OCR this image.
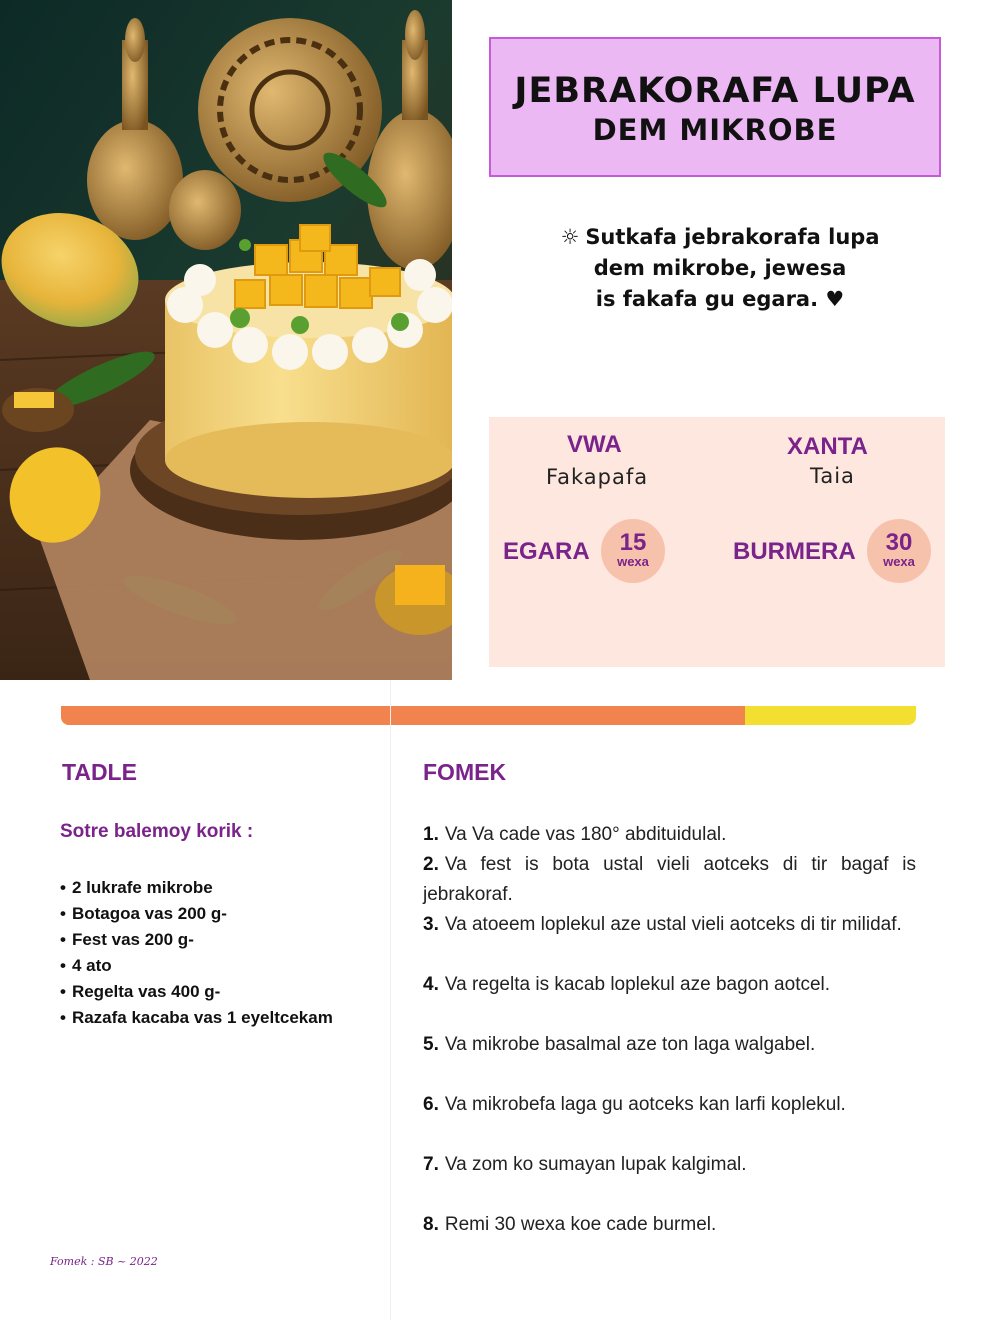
JEBRAKORAFA LUPA
DEM MIKROBE
☼ Sutkafa jebrakorafa lupa
dem mikrobe, jewesa
is fakafa gu egara. ♥
VWA
Fakapafa
XANTA
Taia
EGARA	15
wexa	BURMERA	30
wexa
TADLE
Sotre balemoy korik :
• 2 lukrafe mikrobe
• Botagoa vas 200 g-
• Fest vas 200 g-
• 4 ato
• Regelta vas 400 g-
• Razafa kacaba vas 1 eyeltcekam
FOMEK
1. Va Va cade vas 180° abdituidulal.
2. Va fest is bota ustal vieli aotceks di tir bagaf is jebrakoraf.
3. Va atoeem loplekul aze ustal vieli aotceks di tir milidaf.
4. Va regelta is kacab loplekul aze bagon aotcel.
5. Va mikrobe basalmal aze ton laga walgabel.
6. Va mikrobefa laga gu aotceks kan larfi koplekul.
7. Va zom ko sumayan lupak kalgimal.
8. Remi 30 wexa koe cade burmel.
Fomek : SB ~ 2022
